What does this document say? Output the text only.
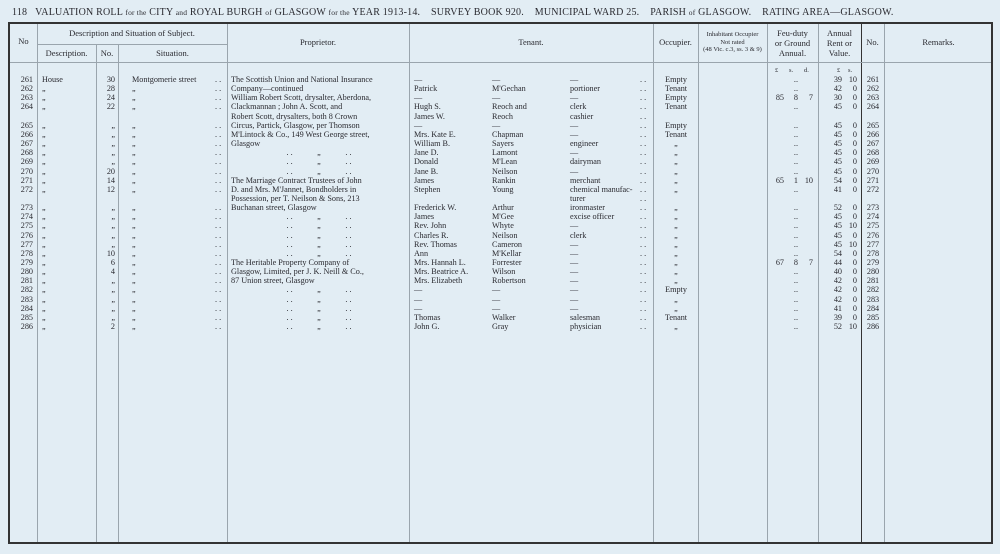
118 VALUATION ROLL for the CITY and ROYAL BURGH of GLASGOW for the YEAR 1913-14. SURVEY BOOK 920. MUNICIPAL WARD 25. PARISH of GLASGOW. RATING AREA—GLASGOW.
No
Description and Situation of Subject.
Description.	No.	Situation.
Proprietor.	Tenant.	Occupier.
Inhabitant Occupier
Not rated
(48 Vic. c.3, ss. 3 & 9)
Feu-duty
or Ground
Annual.
Annual
Rent or
Value.
No.	Remarks.
£ s. d.	£ s.
261 House	30 Montgomerie street	The Scottish Union and National Insurance	—	—	—	Empty	..	39 10	261
. .	. .
262 „	28 „	Company—continued	Patrick	M'Gechan	portioner	Tenant	..	42	0	262
. .	. .
263 „	24 „	William Robert Scott, drysalter, Aberdona,	—	—	—	Empty	85	8	7	30	0	263
. .	. .
264 „	22 „	Clackmannan ; John A. Scott, and	Hugh S.	Reoch and	clerk	Tenant	..	45	0	264
. .	. .
Robert Scott, drysalters, both 8 Crown	James W.	Reoch	cashier	. .
265 „	„ „	Circus, Partick, Glasgow, per Thomson	—	—	—	Empty	..	45	0	265
. .	. .
266 „	„ „	M'Lintock & Co., 149 West George street,	Mrs. Kate E.	Chapman	—	Tenant	..	45	0	266
. .	. .
267 „	„ „	Glasgow	William B.	Sayers	engineer	„	..	45	0	267
. .	. .
268 „	„ „	. .            „            . .	Jane D.	Lamont	—	„	..	45	0	268
. .	. .
269 „	„ „	. .            „            . .	Donald	M'Lean	dairyman	„	..	45	0	269
. .	. .
270 „	20 „	. .            „            . .	Jane B.	Neilson	—	„	..	45	0	270
. .	. .
271 „	14 „	The Marriage Contract Trustees of John	James	Rankin	merchant	„	65	1 10	54	0	271
. .	. .
272 „	12 „	D. and Mrs. M'Jannet, Bondholders in	Stephen	Young	chemical manufac-	„	..	41	0	272
. .	. .
Possession, per T. Neilson & Sons, 213	turer	. .
273 „	„ „	Buchanan street, Glasgow	Frederick W.	Arthur	ironmaster	„	..	52	0	273
. .	. .
274 „	„ „	. .            „            . .	James	M'Gee	excise officer	„	..	45	0	274
. .	. .
275 „	„ „	. .            „            . .	Rev. John	Whyte	—	„	..	45 10	275
. .	. .
276 „	„ „	. .            „            . .	Charles R.	Neilson	clerk	„	..	45	0	276
. .	. .
277 „	„ „	. .            „            . .	Rev. Thomas	Cameron	—	„	..	45 10	277
. .	. .
278 „	10 „	. .            „            . .	Ann	M'Kellar	—	„	..	54	0	278
. .	. .
279 „	6 „	The Heritable Property Company of	Mrs. Hannah L.	Forrester	—	„	67	8	7	44	0	279
. .	. .
280 „	4 „	Glasgow, Limited, per J. K. Neill & Co.,	Mrs. Beatrice A.	Wilson	—	„	..	40	0	280
. .	. .
281 „	„ „	87 Union street, Glasgow	Mrs. Elizabeth	Robertson	—	„	..	42	0	281
. .	. .
282 „	„ „	. .            „            . .	—	—	—	Empty	..	42	0	282
. .	. .
283 „	„ „	. .            „            . .	—	—	—	„	..	42	0	283
. .	. .
284 „	„ „	. .            „            . .	—	—	—	„	..	41	0	284
. .	. .
285 „	„ „	. .            „            . .	Thomas	Walker	salesman	Tenant	..	39	0	285
. .	. .
286 „	2 „	. .            „            . .	John G.	Gray	physician	„	..	52 10	286
. .	. .
